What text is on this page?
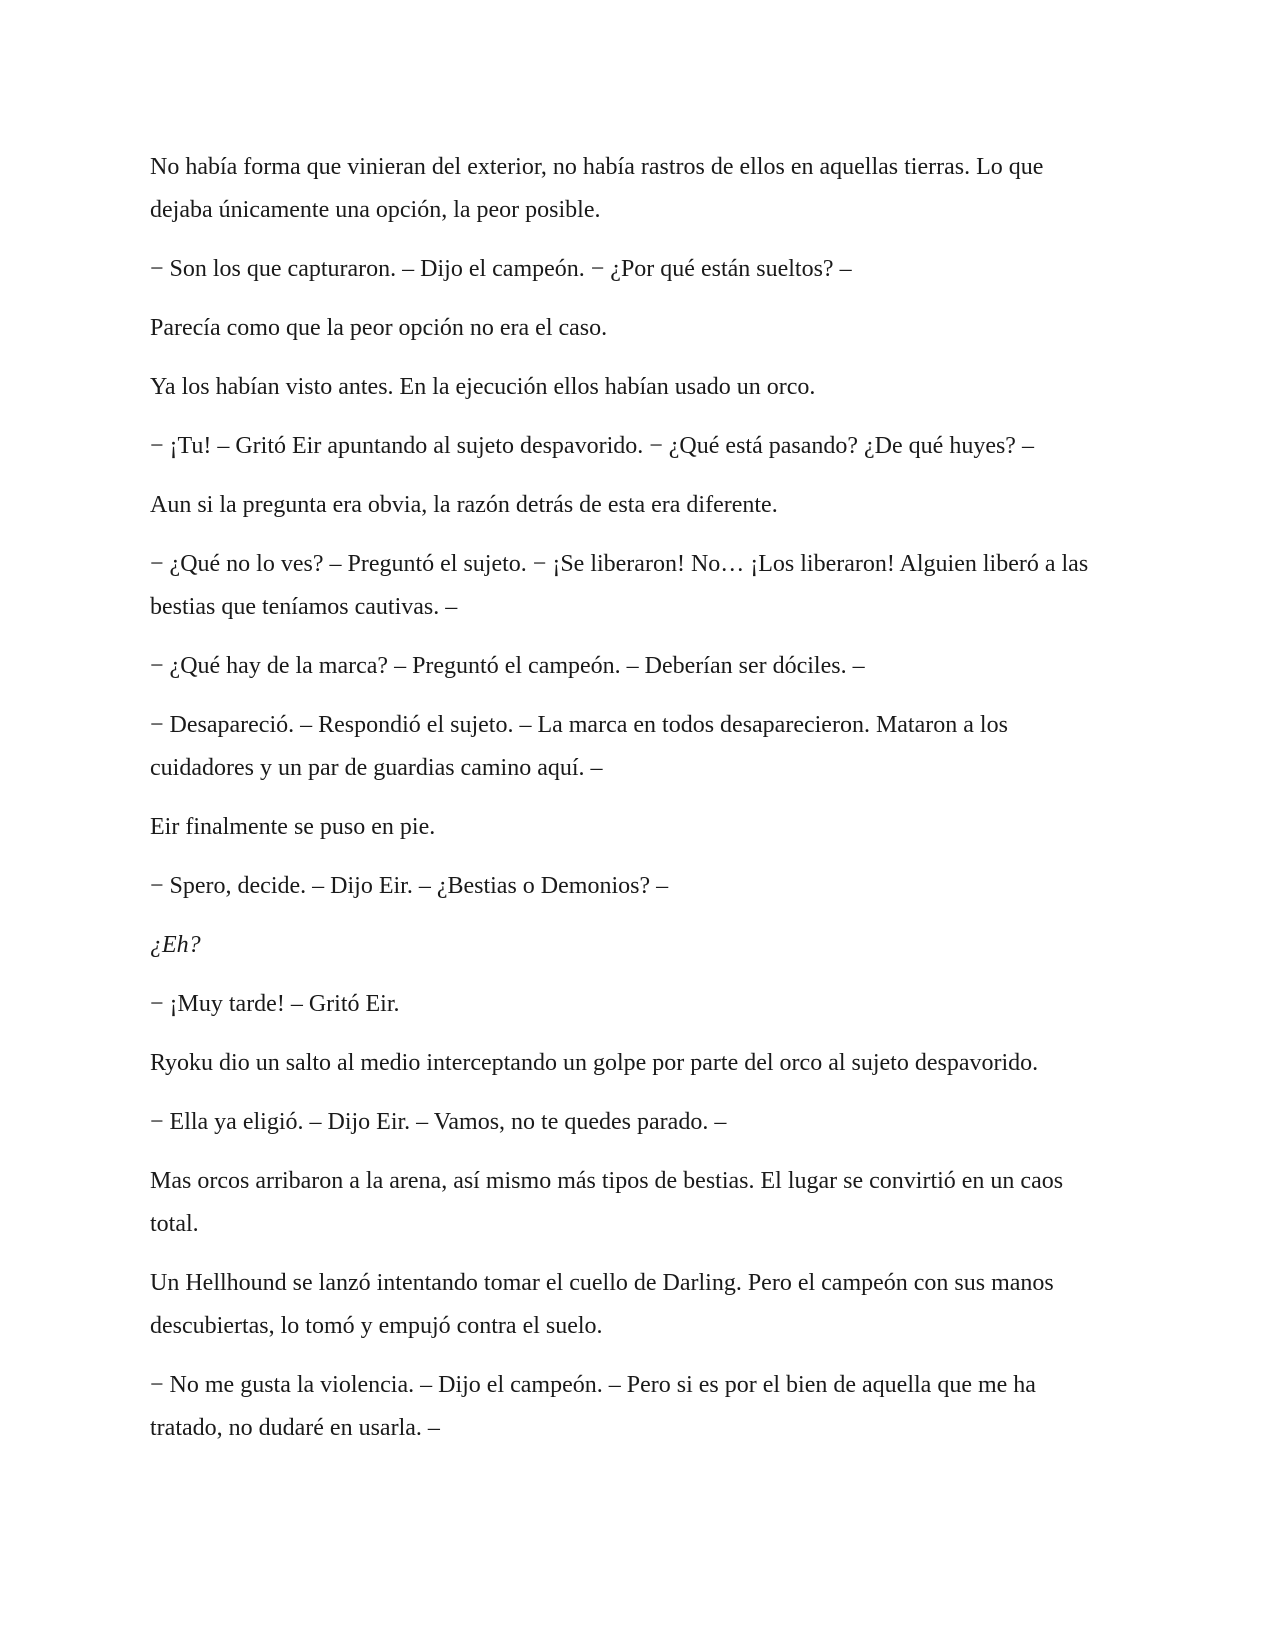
No había forma que vinieran del exterior, no había rastros de ellos en aquellas tierras. Lo que dejaba únicamente una opción, la peor posible.

− Son los que capturaron. – Dijo el campeón. − ¿Por qué están sueltos? –

Parecía como que la peor opción no era el caso.

Ya los habían visto antes. En la ejecución ellos habían usado un orco.

− ¡Tu! – Gritó Eir apuntando al sujeto despavorido. − ¿Qué está pasando? ¿De qué huyes? –

Aun si la pregunta era obvia, la razón detrás de esta era diferente.

− ¿Qué no lo ves? – Preguntó el sujeto. − ¡Se liberaron! No… ¡Los liberaron! Alguien liberó a las bestias que teníamos cautivas. –

− ¿Qué hay de la marca? – Preguntó el campeón. – Deberían ser dóciles. –

− Desapareció. – Respondió el sujeto. – La marca en todos desaparecieron. Mataron a los cuidadores y un par de guardias camino aquí. –

Eir finalmente se puso en pie.

− Spero, decide. – Dijo Eir. – ¿Bestias o Demonios? –

¿Eh?

− ¡Muy tarde! – Gritó Eir.

Ryoku dio un salto al medio interceptando un golpe por parte del orco al sujeto despavorido.

− Ella ya eligió. – Dijo Eir. – Vamos, no te quedes parado. –

Mas orcos arribaron a la arena, así mismo más tipos de bestias. El lugar se convirtió en un caos total.

Un Hellhound se lanzó intentando tomar el cuello de Darling. Pero el campeón con sus manos descubiertas, lo tomó y empujó contra el suelo.

− No me gusta la violencia. – Dijo el campeón. – Pero si es por el bien de aquella que me ha tratado, no dudaré en usarla. –
